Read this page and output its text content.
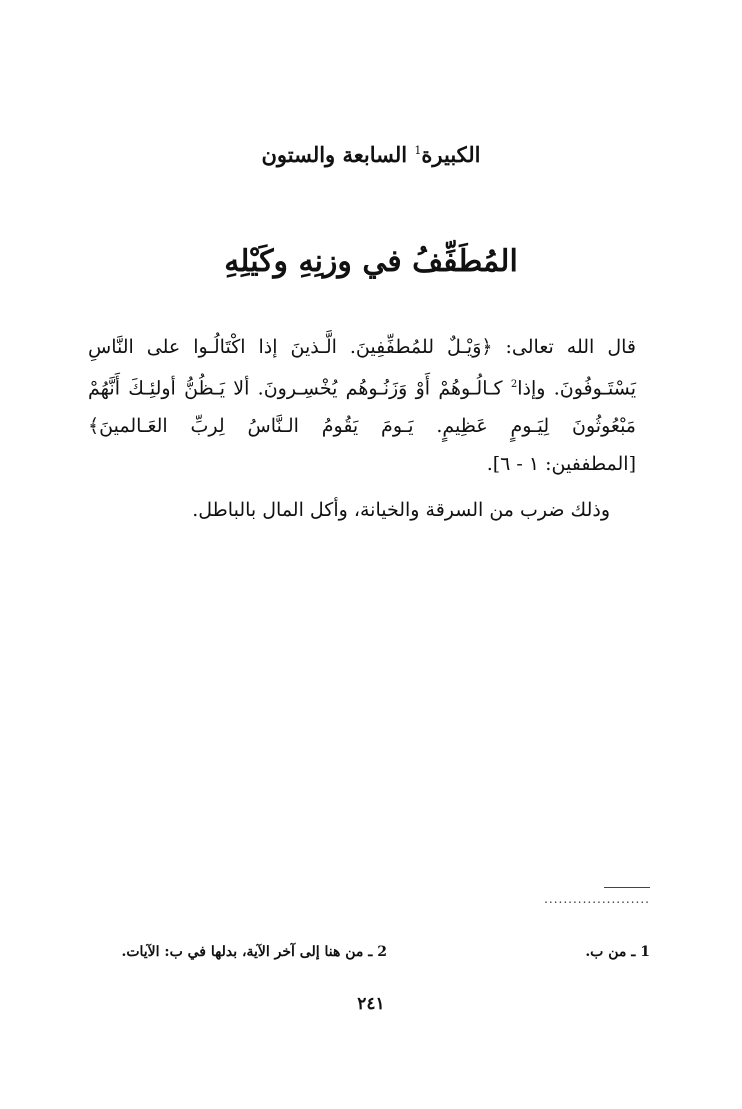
الكبيرة$^1$ السابعة والستون
المُطَفِّفُ في وزنِهِ وكَيْلِهِ
قال الله تعالى: ﴿وَيْـلٌ للمُطفِّفِينَ. الَّـذينَ إذا اكْتَالُـوا على النَّاسِ يَسْتَـوفُونَ. وإذا$^2$ كـالُـوهُمْ أَوْ وَزَنُـوهُم يُخْسِـرونَ. ألا يَـظُنُّ أولئِـكَ أَنَّهُمْ مَبْعُوثُونَ لِيَـومٍ عَظِيمٍ. يَـومَ يَقُومُ الـنَّاسُ لِربِّ العَـالمينَ﴾ [المطففين: ١ - ٦].
وذلك ضرب من السرقة والخيانة، وأكل المال بالباطل.
......................
1 ـ من ب.
2 ـ من هنا إلى آخر الآية، بدلها في ب: الآيات.
٢٤١
